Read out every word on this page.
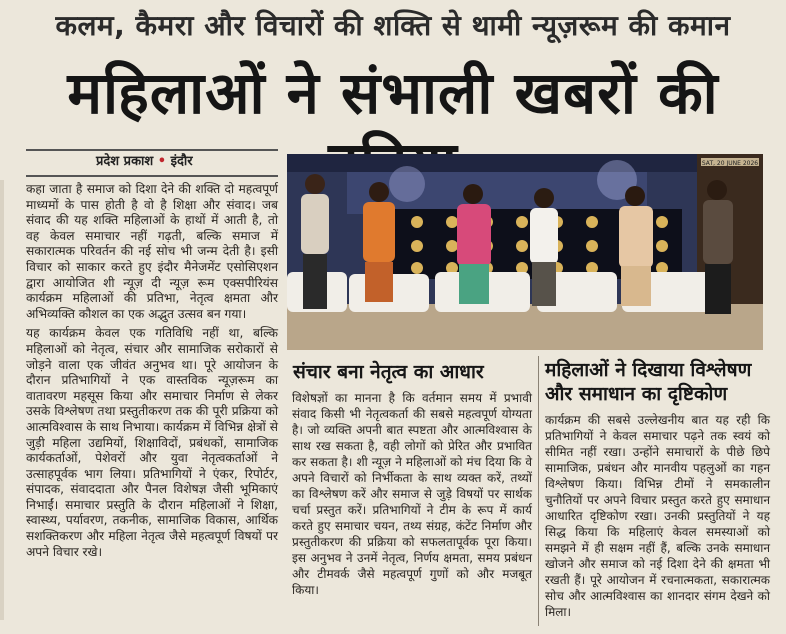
कलम, कैमरा और विचारों की शक्ति से थामी न्यूज़रूम की कमान
महिलाओं ने संभाली खबरों की
प्रदेश प्रकाश • इंदौर

कहा जाता है समाज को दिशा देने की शक्ति दो महत्वपूर्ण माध्यमों के पास होती है वो है शिक्षा और संवाद। जब संवाद की यह शक्ति महिलाओं के हाथों में आती है, तो वह केवल समाचार नहीं गढ़ती, बल्कि समाज में सकारात्मक परिवर्तन की नई सोच भी जन्म देती है। इसी विचार को साकार करते हुए इंदौर मैनेजमेंट एसोसिएशन द्वारा आयोजित शी न्यूज़ दी न्यूज़ रूम एक्सपीरियंस कार्यक्रम महिलाओं की प्रतिभा, नेतृत्व क्षमता और अभिव्यक्ति कौशल का एक अद्भुत उत्सव बन गया।

यह कार्यक्रम केवल एक गतिविधि नहीं था, बल्कि महिलाओं को नेतृत्व, संचार और सामाजिक सरोकारों से जोड़ने वाला एक जीवंत अनुभव था। पूरे आयोजन के दौरान प्रतिभागियों ने एक वास्तविक न्यूज़रूम का वातावरण महसूस किया और समाचार निर्माण से लेकर उसके विश्लेषण तथा प्रस्तुतीकरण तक की पूरी प्रक्रिया को आत्मविश्वास के साथ निभाया। कार्यक्रम में विभिन्न क्षेत्रों से जुड़ी महिला उद्यमियों, शिक्षाविदों, प्रबंधकों, सामाजिक कार्यकर्ताओं, पेशेवरों और युवा नेतृत्वकर्ताओं ने उत्साहपूर्वक भाग लिया। प्रतिभागियों ने एंकर, रिपोर्टर, संपादक, संवाददाता और पैनल विशेषज्ञ जैसी भूमिकाएं निभाईं। समाचार प्रस्तुति के दौरान महिलाओं ने शिक्षा, स्वास्थ्य, पर्यावरण, तकनीक, सामाजिक विकास, आर्थिक सशक्तिकरण और महिला नेतृत्व जैसे महत्वपूर्ण विषयों पर अपने विचार रखे।

SAT, 20 JUNE 2026
संचार बना नेतृत्व का आधार
विशेषज्ञों का मानना है कि वर्तमान समय में प्रभावी संवाद किसी भी नेतृत्वकर्ता की सबसे महत्वपूर्ण योग्यता है। जो व्यक्ति अपनी बात स्पष्टता और आत्मविश्वास के साथ रख सकता है, वही लोगों को प्रेरित और प्रभावित कर सकता है। शी न्यूज़ ने महिलाओं को मंच दिया कि वे अपने विचारों को निर्भीकता के साथ व्यक्त करें, तथ्यों का विश्लेषण करें और समाज से जुड़े विषयों पर सार्थक चर्चा प्रस्तुत करें। प्रतिभागियों ने टीम के रूप में कार्य करते हुए समाचार चयन, तथ्य संग्रह, कंटेंट निर्माण और प्रस्तुतीकरण की प्रक्रिया को सफलतापूर्वक पूरा किया। इस अनुभव ने उनमें नेतृत्व, निर्णय क्षमता, समय प्रबंधन और टीमवर्क जैसे महत्वपूर्ण गुणों को और मजबूत किया।
महिलाओं ने दिखाया विश्लेषण और समाधान का दृष्टिकोण
कार्यक्रम की सबसे उल्लेखनीय बात यह रही कि प्रतिभागियों ने केवल समाचार पढ़ने तक स्वयं को सीमित नहीं रखा। उन्होंने समाचारों के पीछे छिपे सामाजिक, प्रबंधन और मानवीय पहलुओं का गहन विश्लेषण किया। विभिन्न टीमों ने समकालीन चुनौतियों पर अपने विचार प्रस्तुत करते हुए समाधान आधारित दृष्टिकोण रखा। उनकी प्रस्तुतियों ने यह सिद्ध किया कि महिलाएं केवल समस्याओं को समझने में ही सक्षम नहीं हैं, बल्कि उनके समाधान खोजने और समाज को नई दिशा देने की क्षमता भी रखती हैं। पूरे आयोजन में रचनात्मकता, सकारात्मक सोच और आत्मविश्वास का शानदार संगम देखने को मिला।
